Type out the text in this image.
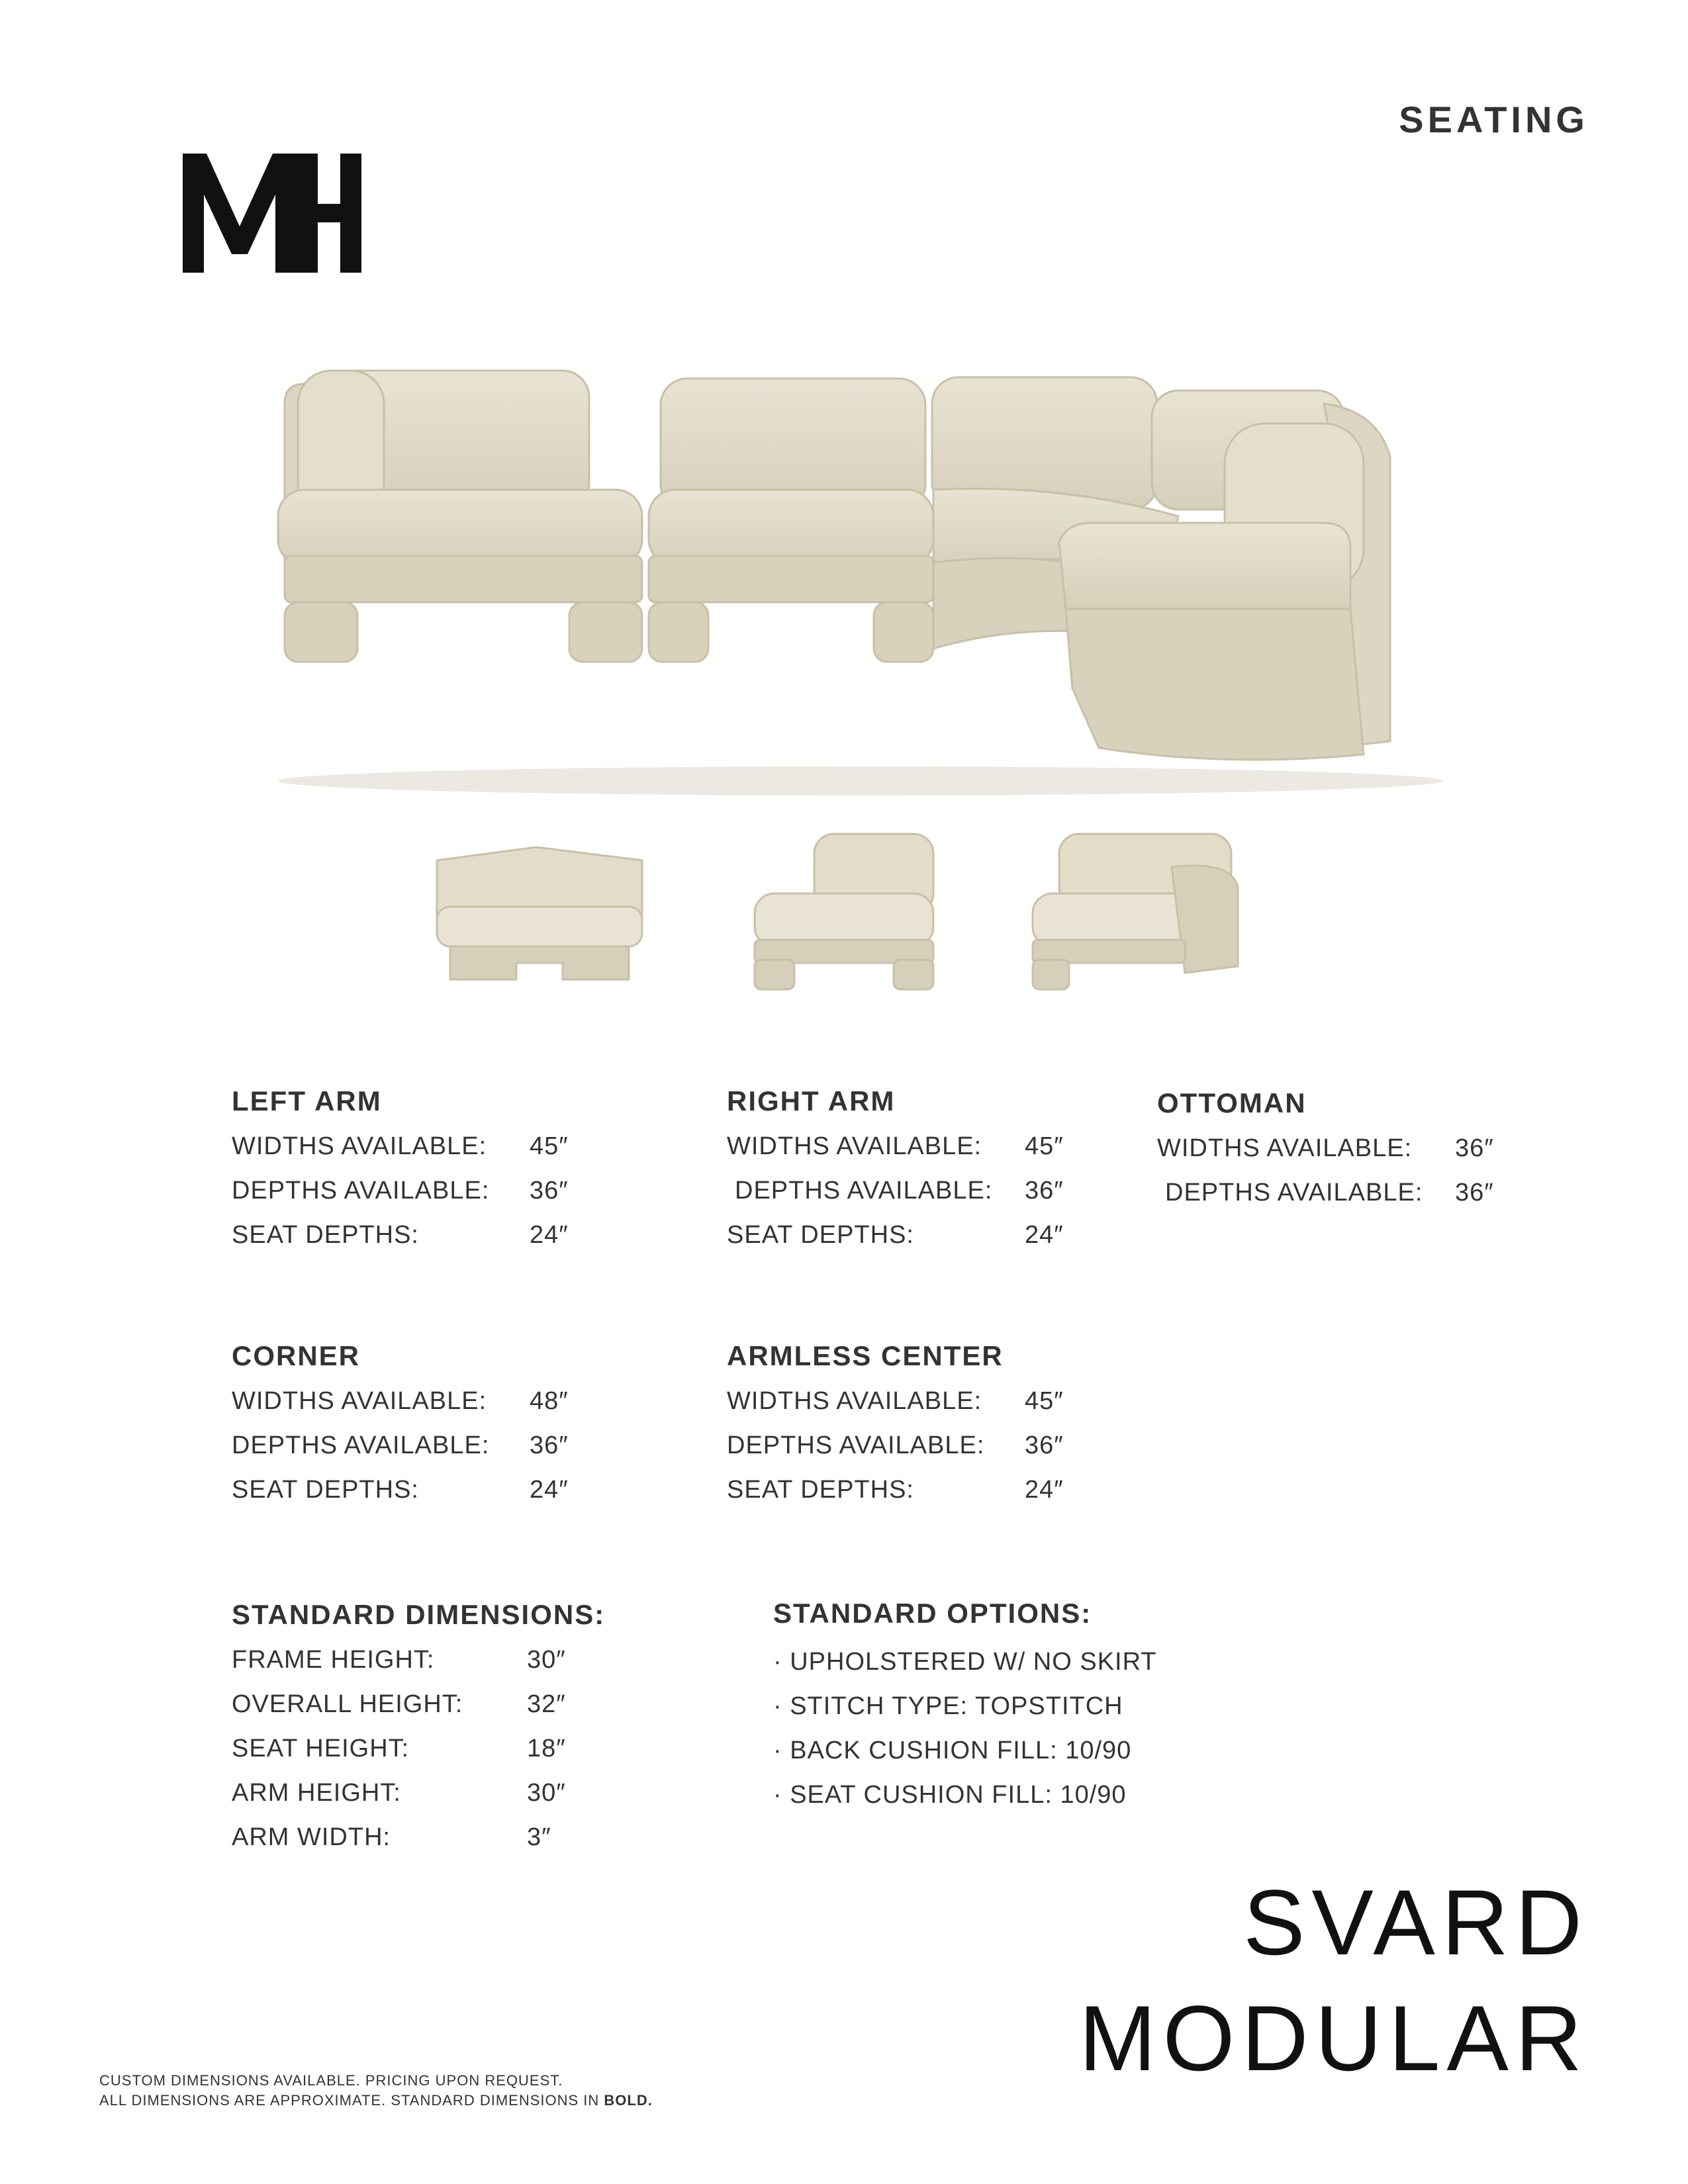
SEATING
LEFT ARM
WIDTHS AVAILABLE: 45″
DEPTHS AVAILABLE: 36″
SEAT DEPTHS:	24″
RIGHT ARM
WIDTHS AVAILABLE: 45″
DEPTHS AVAILABLE: 36″
SEAT DEPTHS:	24″
OTTOMAN
WIDTHS AVAILABLE: 36″
DEPTHS AVAILABLE: 36″
CORNER
WIDTHS AVAILABLE: 48″
DEPTHS AVAILABLE: 36″
SEAT DEPTHS:	24″
ARMLESS CENTER
WIDTHS AVAILABLE: 45″
DEPTHS AVAILABLE: 36″
SEAT DEPTHS:	24″
STANDARD DIMENSIONS:
FRAME HEIGHT:	30″
OVERALL HEIGHT:	32″
SEAT HEIGHT:	18″
ARM HEIGHT:	30″
ARM WIDTH:	3″
STANDARD OPTIONS:
· UPHOLSTERED W/ NO SKIRT
· STITCH TYPE: TOPSTITCH
· BACK CUSHION FILL: 10/90
· SEAT CUSHION FILL: 10/90
SVARD
MODULAR
CUSTOM DIMENSIONS AVAILABLE. PRICING UPON REQUEST.
ALL DIMENSIONS ARE APPROXIMATE. STANDARD DIMENSIONS IN BOLD.
